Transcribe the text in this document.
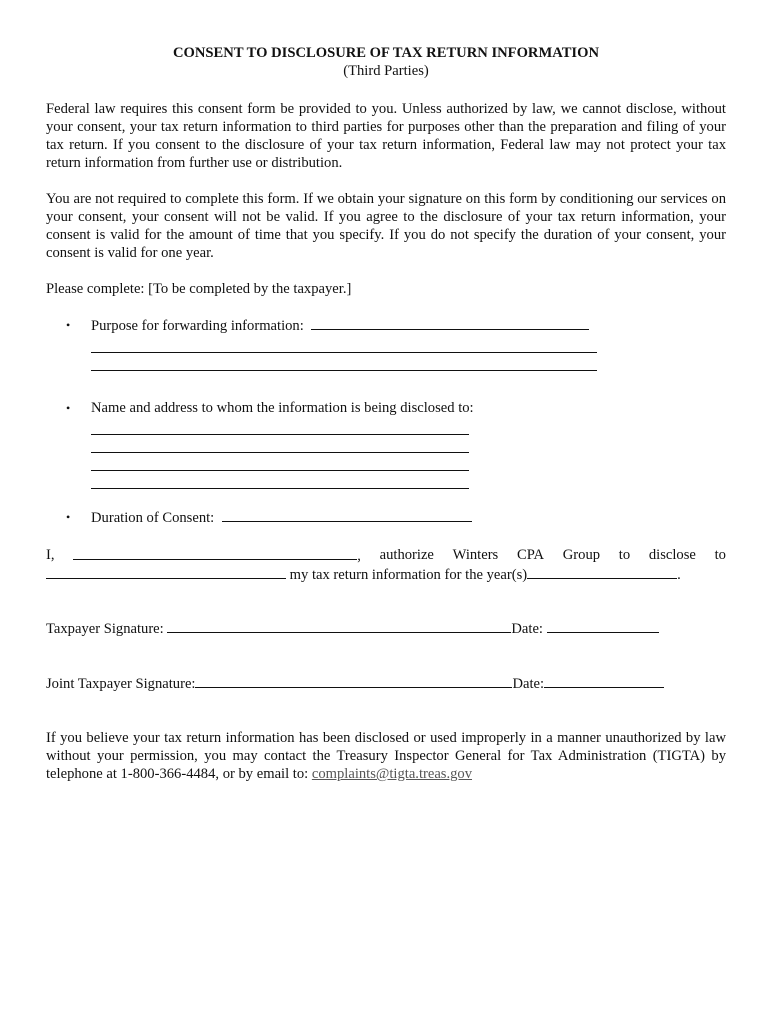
CONSENT TO DISCLOSURE OF TAX RETURN INFORMATION
(Third Parties)

Federal law requires this consent form be provided to you. Unless authorized by law, we cannot disclose, without your consent, your tax return information to third parties for purposes other than the preparation and filing of your tax return. If you consent to the disclosure of your tax return information, Federal law may not protect your tax return information from further use or distribution.

You are not required to complete this form. If we obtain your signature on this form by conditioning our services on your consent, your consent will not be valid. If you agree to the disclosure of your tax return information, your consent is valid for the amount of time that you specify. If you do not specify the duration of your consent, your consent is valid for one year.

Please complete: [To be completed by the taxpayer.]
• Purpose for forwarding information:
• Name and address to whom the information is being disclosed to:
• Duration of Consent:
I,	, authorize Winters CPA Group to disclose to
my tax return information for the year(s)	.
Taxpayer Signature:	Date:
Joint Taxpayer Signature:	Date:

If you believe your tax return information has been disclosed or used improperly in a manner unauthorized by law without your permission, you may contact the Treasury Inspector General for Tax Administration (TIGTA) by telephone at 1-800-366-4484, or by email to: complaints@tigta.treas.gov
